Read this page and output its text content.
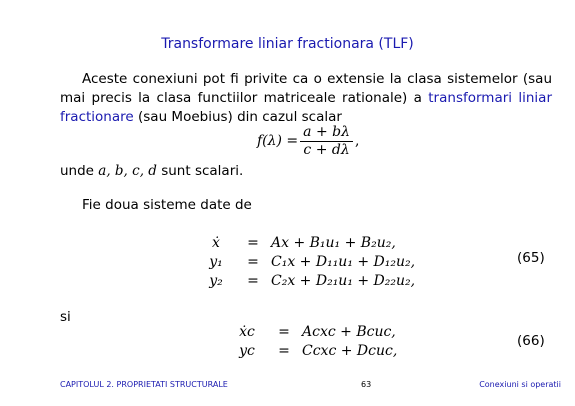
Transformare liniar fractionara (TLF)
Aceste conexiuni pot fi privite ca o extensie la clasa sistemelor (sau mai precis la clasa functiilor matriceale rationale) a transformari liniar fractionare (sau Moebius) din cazul scalar
$f(\lambda) = \frac{a + b\lambda}{c + d\lambda}$ ,
unde a, b, c, d sunt scalari.
Fie doua sisteme date de
ẋ	= Ax + B₁u₁ + B₂u₂,
y₁	= C₁x + D₁₁u₁ + D₁₂u₂,
y₂	= C₂x + D₂₁u₁ + D₂₂u₂,
(65)
si
ẋc	= Acxc + Bcuc,
yc	= Ccxc + Dcuc,
(66)
CAPITOLUL 2. PROPRIETATI STRUCTURALE	63	Conexiuni si operatii
